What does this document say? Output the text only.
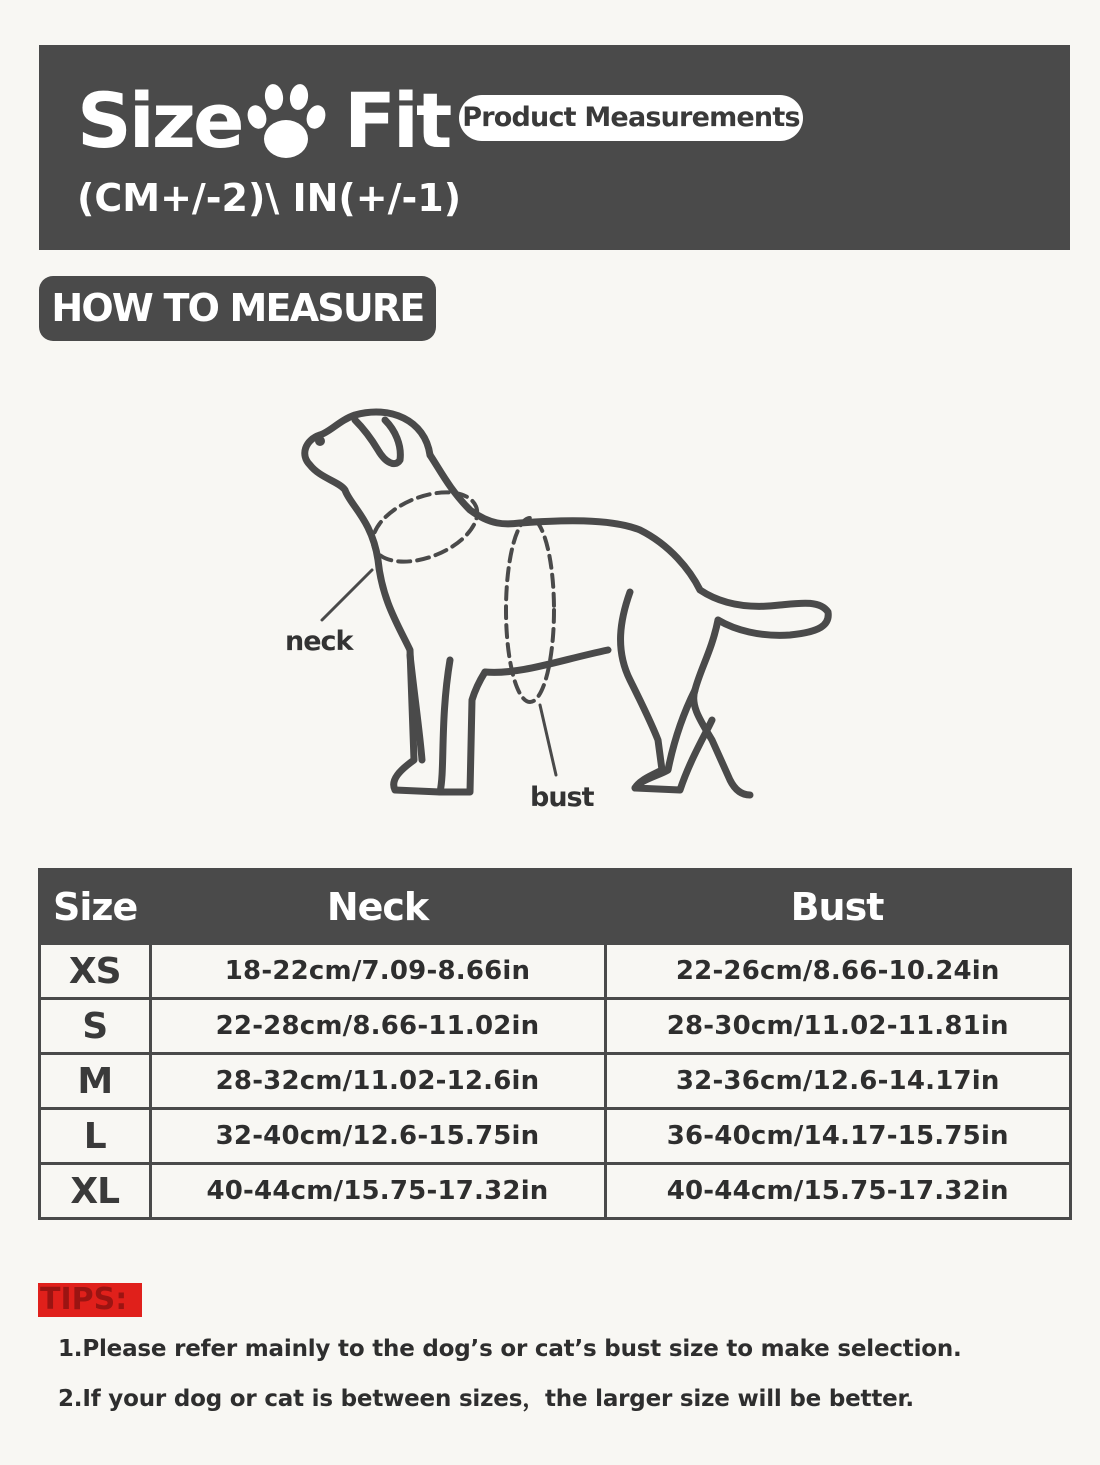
Size Fit Product Measurements
(CM+/-2)\ IN(+/-1)
HOW TO MEASURE
neck
bust
Size	Neck	Bust
XS	18-22cm/7.09-8.66in	22-26cm/8.66-10.24in
S	22-28cm/8.66-11.02in	28-30cm/11.02-11.81in
M	28-32cm/11.02-12.6in	32-36cm/12.6-14.17in
L	32-40cm/12.6-15.75in	36-40cm/14.17-15.75in
XL	40-44cm/15.75-17.32in	40-44cm/15.75-17.32in
TIPS:
1.Please refer mainly to the dog’s or cat’s bust size to make selection.
2.If your dog or cat is between sizes，the larger size will be better.
